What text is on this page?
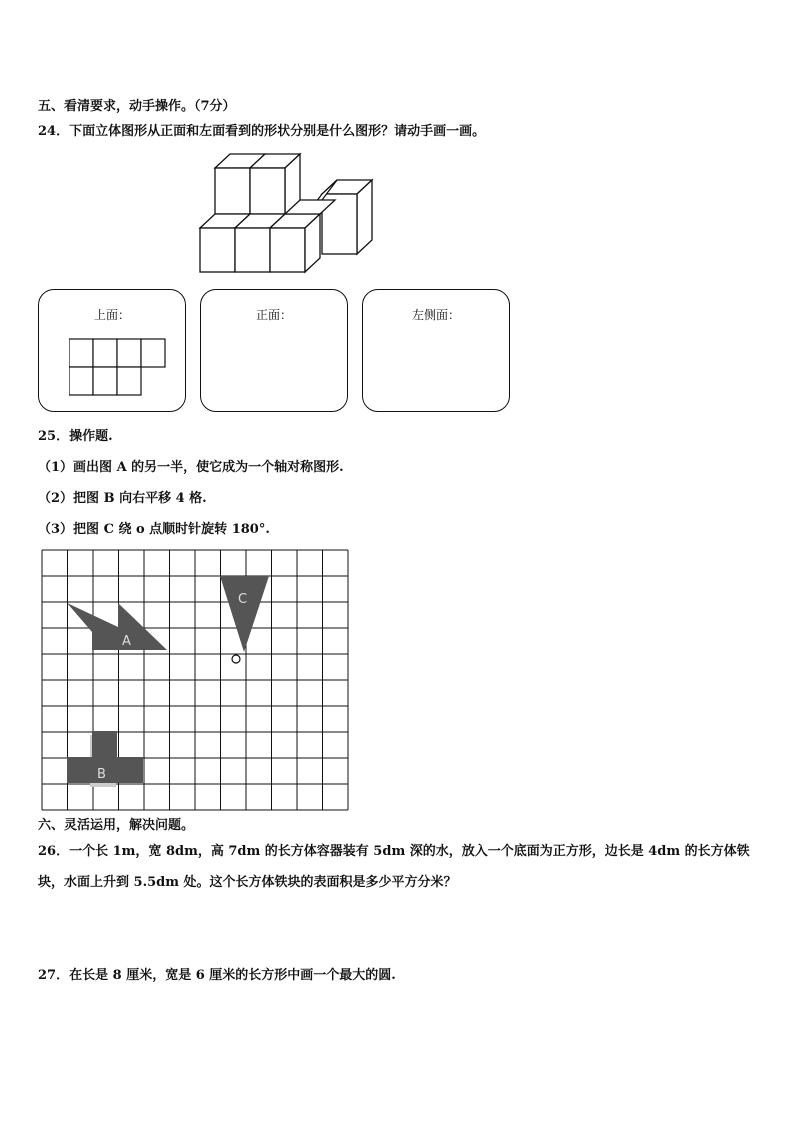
五、看清要求，动手操作。（7分）
24．下面立体图形从正面和左面看到的形状分别是什么图形？请动手画一画。
上面：	正面：	左侧面：
25．操作题.
（1）画出图 A 的另一半，使它成为一个轴对称图形.
（2）把图 B 向右平移 4 格.
（3）把图 C 绕 o 点顺时针旋转 180°.
A
B
C
六、灵活运用，解决问题。
26．一个长 1m，宽 8dm，高 7dm 的长方体容器装有 5dm 深的水，放入一个底面为正方形，边长是 4dm 的长方体铁
块，水面上升到 5.5dm 处。这个长方体铁块的表面积是多少平方分米？
27．在长是 8 厘米，宽是 6 厘米的长方形中画一个最大的圆.
